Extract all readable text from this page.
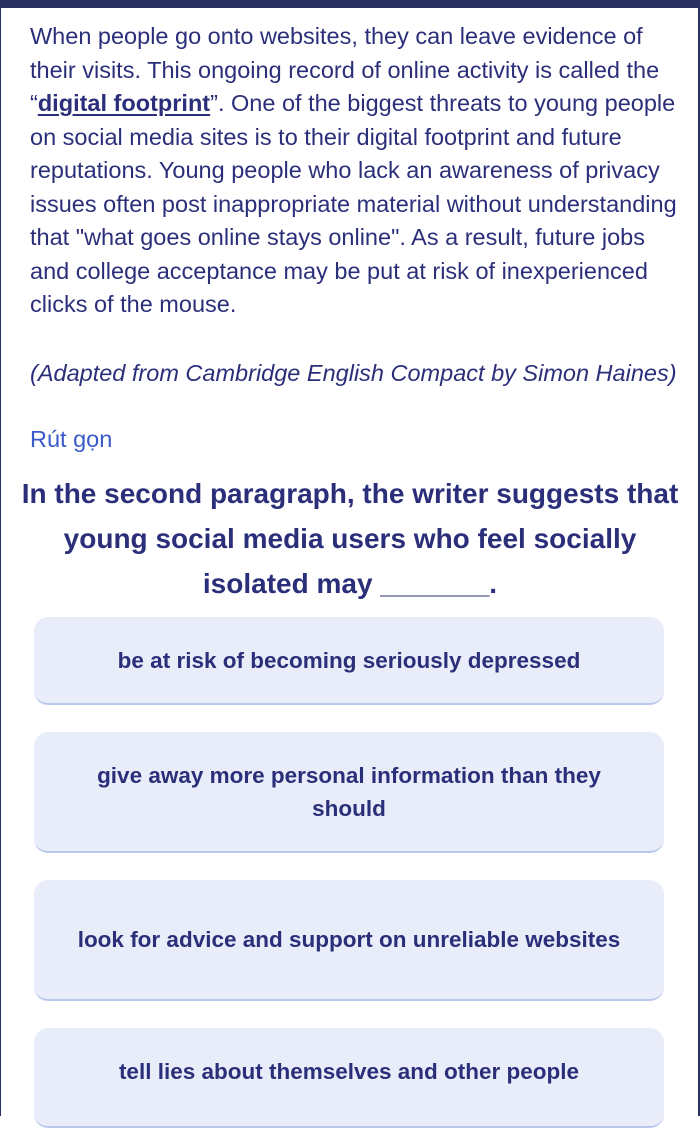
When people go onto websites, they can leave evidence of their visits. This ongoing record of online activity is called the “digital footprint”. One of the biggest threats to young people on social media sites is to their digital footprint and future reputations. Young people who lack an awareness of privacy issues often post inappropriate material without understanding that "what goes online stays online". As a result, future jobs and college acceptance may be put at risk of inexperienced clicks of the mouse.

(Adapted from Cambridge English Compact by Simon Haines)

Rút gọn

In the second paragraph, the writer suggests that young social media users who feel socially isolated may _______.

be at risk of becoming seriously depressed
give away more personal information than they should
look for advice and support on unreliable websites
tell lies about themselves and other people
